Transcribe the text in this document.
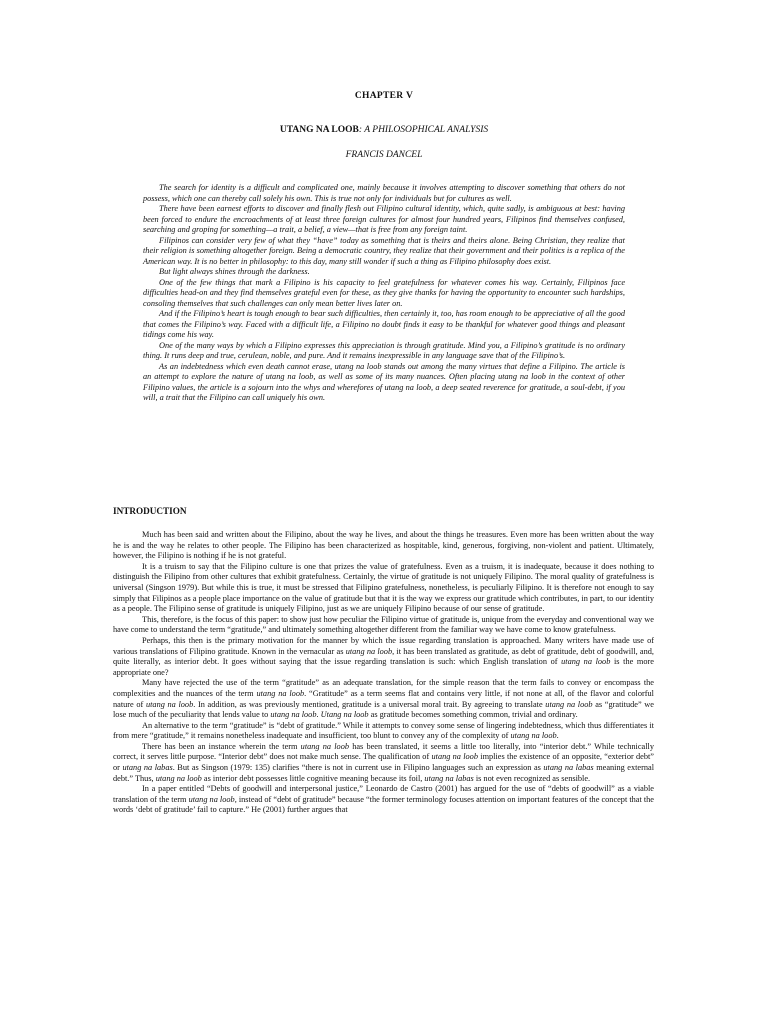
CHAPTER V
UTANG NA LOOB: A PHILOSOPHICAL ANALYSIS
FRANCIS DANCEL

The search for identity is a difficult and complicated one, mainly because it involves attempting to discover something that others do not possess, which one can thereby call solely his own. This is true not only for individuals but for cultures as well.

There have been earnest efforts to discover and finally flesh out Filipino cultural identity, which, quite sadly, is ambiguous at best: having been forced to endure the encroachments of at least three foreign cultures for almost four hundred years, Filipinos find themselves confused, searching and groping for something—a trait, a belief, a view—that is free from any foreign taint.

Filipinos can consider very few of what they “have” today as something that is theirs and theirs alone. Being Christian, they realize that their religion is something altogether foreign. Being a democratic country, they realize that their government and their politics is a replica of the American way. It is no better in philosophy: to this day, many still wonder if such a thing as Filipino philosophy does exist.

But light always shines through the darkness.

One of the few things that mark a Filipino is his capacity to feel gratefulness for whatever comes his way. Certainly, Filipinos face difficulties head-on and they find themselves grateful even for these, as they give thanks for having the opportunity to encounter such hardships, consoling themselves that such challenges can only mean better lives later on.

And if the Filipino’s heart is tough enough to bear such difficulties, then certainly it, too, has room enough to be appreciative of all the good that comes the Filipino’s way. Faced with a difficult life, a Filipino no doubt finds it easy to be thankful for whatever good things and pleasant tidings come his way.

One of the many ways by which a Filipino expresses this appreciation is through gratitude. Mind you, a Filipino’s gratitude is no ordinary thing. It runs deep and true, cerulean, noble, and pure. And it remains inexpressible in any language save that of the Filipino’s.

As an indebtedness which even death cannot erase, utang na loob stands out among the many virtues that define a Filipino. The article is an attempt to explore the nature of utang na loob, as well as some of its many nuances. Often placing utang na loob in the context of other Filipino values, the article is a sojourn into the whys and wherefores of utang na loob, a deep seated reverence for gratitude, a soul-debt, if you will, a trait that the Filipino can call uniquely his own.

INTRODUCTION

Much has been said and written about the Filipino, about the way he lives, and about the things he treasures. Even more has been written about the way he is and the way he relates to other people. The Filipino has been characterized as hospitable, kind, generous, forgiving, non-violent and patient. Ultimately, however, the Filipino is nothing if he is not grateful.

It is a truism to say that the Filipino culture is one that prizes the value of gratefulness. Even as a truism, it is inadequate, because it does nothing to distinguish the Filipino from other cultures that exhibit gratefulness. Certainly, the virtue of gratitude is not uniquely Filipino. The moral quality of gratefulness is universal (Singson 1979). But while this is true, it must be stressed that Filipino gratefulness, nonetheless, is peculiarly Filipino. It is therefore not enough to say simply that Filipinos as a people place importance on the value of gratitude but that it is the way we express our gratitude which contributes, in part, to our identity as a people. The Filipino sense of gratitude is uniquely Filipino, just as we are uniquely Filipino because of our sense of gratitude.

This, therefore, is the focus of this paper: to show just how peculiar the Filipino virtue of gratitude is, unique from the everyday and conventional way we have come to understand the term “gratitude,” and ultimately something altogether different from the familiar way we have come to know gratefulness.

Perhaps, this then is the primary motivation for the manner by which the issue regarding translation is approached. Many writers have made use of various translations of Filipino gratitude. Known in the vernacular as utang na loob, it has been translated as gratitude, as debt of gratitude, debt of goodwill, and, quite literally, as interior debt. It goes without saying that the issue regarding translation is such: which English translation of utang na loob is the more appropriate one?

Many have rejected the use of the term “gratitude” as an adequate translation, for the simple reason that the term fails to convey or encompass the complexities and the nuances of the term utang na loob. “Gratitude” as a term seems flat and contains very little, if not none at all, of the flavor and colorful nature of utang na loob. In addition, as was previously mentioned, gratitude is a universal moral trait. By agreeing to translate utang na loob as “gratitude” we lose much of the peculiarity that lends value to utang na loob. Utang na loob as gratitude becomes something common, trivial and ordinary.

An alternative to the term “gratitude” is “debt of gratitude.” While it attempts to convey some sense of lingering indebtedness, which thus differentiates it from mere “gratitude,” it remains nonetheless inadequate and insufficient, too blunt to convey any of the complexity of utang na loob.

There has been an instance wherein the term utang na loob has been translated, it seems a little too literally, into “interior debt.” While technically correct, it serves little purpose. “Interior debt” does not make much sense. The qualification of utang na loob implies the existence of an opposite, “exterior debt” or utang na labas. But as Singson (1979: 135) clarifies “there is not in current use in Filipino languages such an expression as utang na labas meaning external debt.” Thus, utang na loob as interior debt possesses little cognitive meaning because its foil, utang na labas is not even recognized as sensible.

In a paper entitled “Debts of goodwill and interpersonal justice,” Leonardo de Castro (2001) has argued for the use of “debts of goodwill” as a viable translation of the term utang na loob, instead of “debt of gratitude” because “the former terminology focuses attention on important features of the concept that the words ‘debt of gratitude’ fail to capture.” He (2001) further argues that
